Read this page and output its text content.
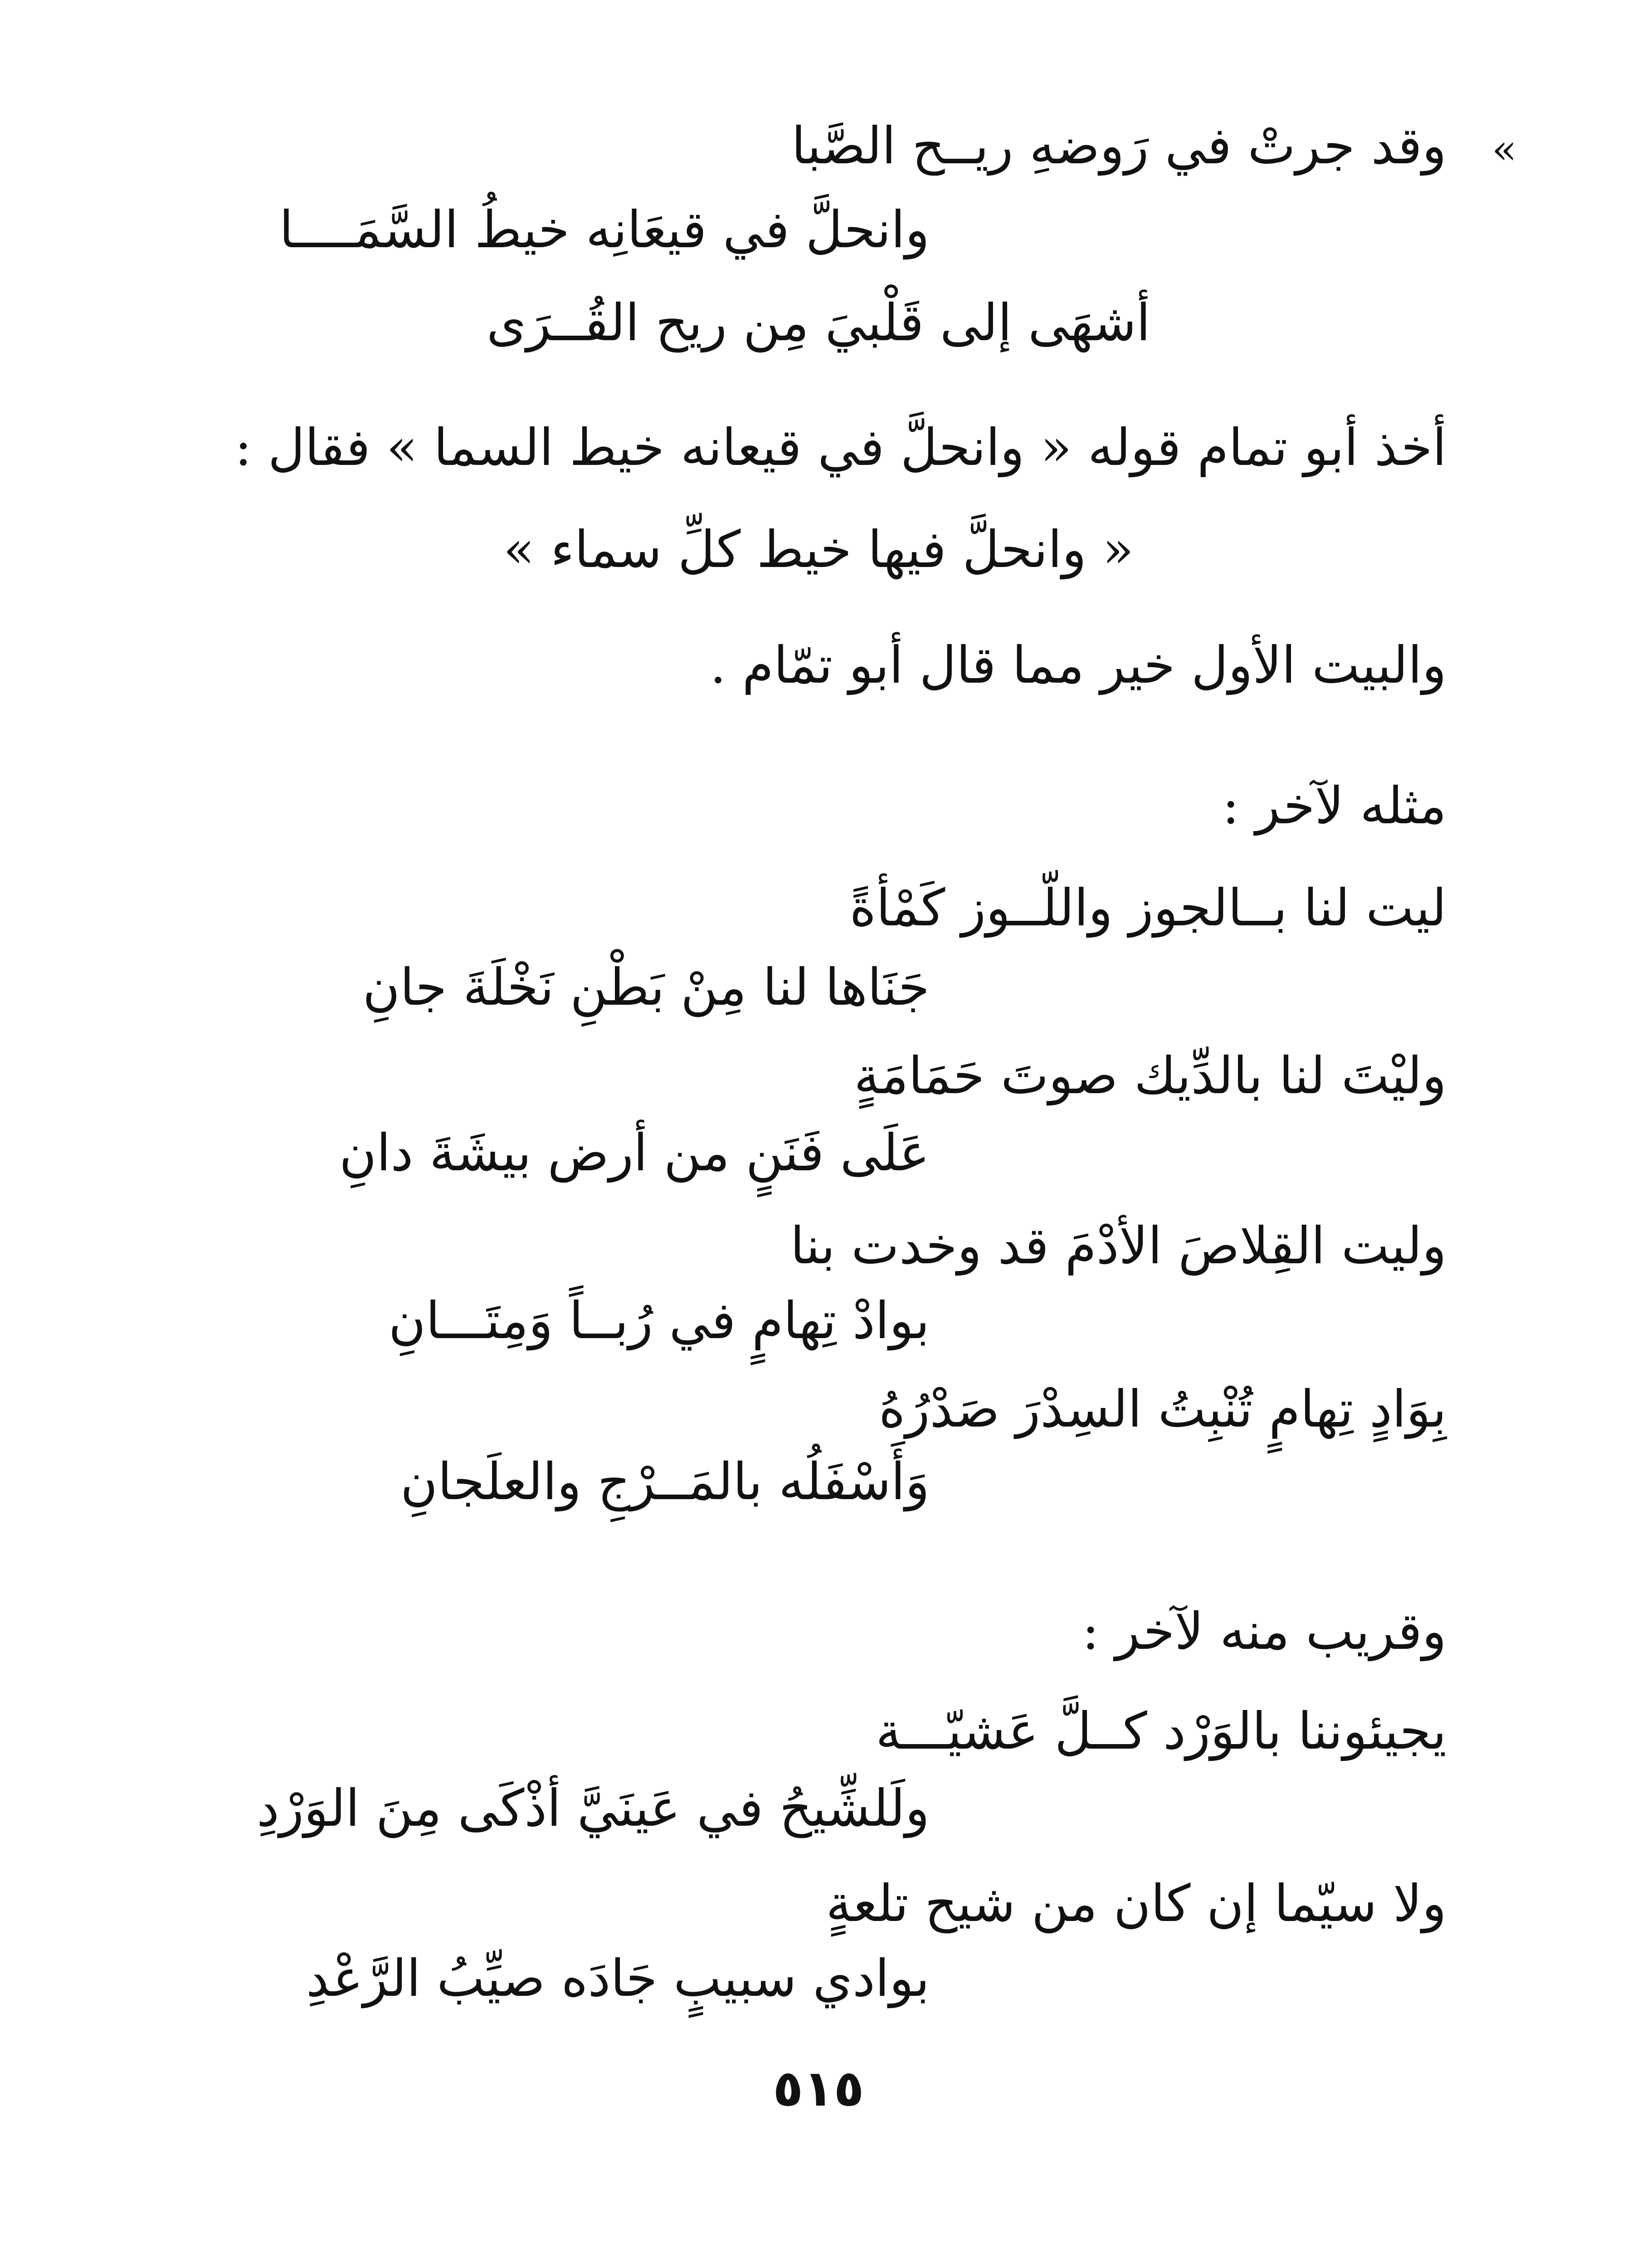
»
وقد جرتْ في رَوضهِ ريــح الصَّبا
وانحلَّ في قيعَانِه خيطُ السَّمَــــا
أشهَى إلى قَلْبيَ مِن ريح القُــرَى
أخذ أبو تمام قوله « وانحلَّ في قيعانه خيط السما » فقال :
« وانحلَّ فيها خيط كلِّ سماء »
والبيت الأول خير مما قال أبو تمّام .
مثله لآخر :
ليت لنا بــالجوز واللّــوز كَمْأةً
جَنَاها لنا مِنْ بَطْنِ نَخْلَةَ جانِ
وليْتَ لنا بالدِّيك صوتَ حَمَامَةٍ
عَلَى فَنَنٍ من أرض بيشَةَ دانِ
وليت القِلاصَ الأدْمَ قد وخدت بنا
بوادْ تِهامٍ في رُبــاً وَمِتَـــانِ
بِوَادٍ تِهامٍ تُنْبِتُ السِدْرَ صَدْرُهُ
وَأَسْفَلُه بالمَــرْجِ والعلَجانِ
وقريب منه لآخر :
يجيئوننا بالوَرْد كــلَّ عَشيّـــة
ولَلشِّيحُ في عَينَيَّ أذْكَى مِنَ الوَرْدِ
ولا سيّما إن كان من شيح تلعةٍ
بوادي سبيبٍ جَادَه صيِّبُ الرَّعْدِ
٥١٥
